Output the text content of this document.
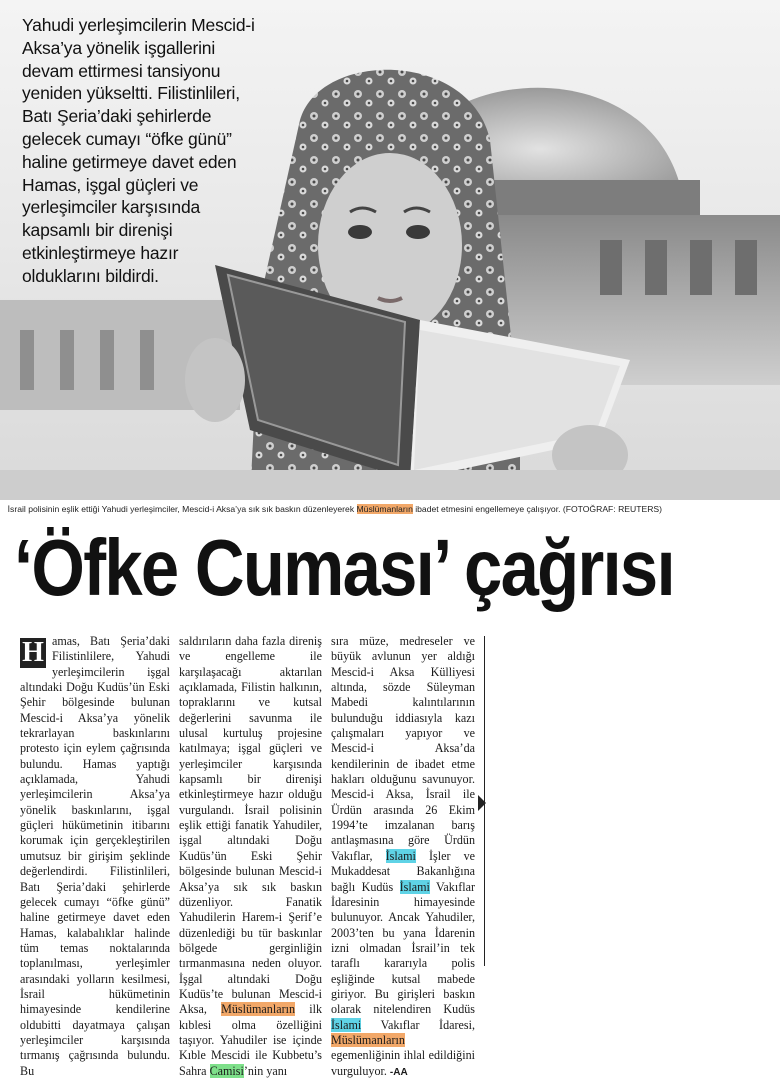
Yahudi yerleşimcilerin Mescid-i Aksa’ya yönelik işgallerini devam ettirmesi tansiyonu yeniden yükseltti. Filistinlileri, Batı Şeria’daki şehirlerde gelecek cumayı “öfke günü” haline getirmeye davet eden Hamas, işgal güçleri ve yerleşimciler karşısında kapsamlı bir direnişi etkinleştirmeye hazır olduklarını bildirdi.

İsrail polisinin eşlik ettiği Yahudi yerleşimciler, Mescid-i Aksa’ya sık sık baskın düzenleyerek Müslümanların ibadet etmesini engellemeye çalışıyor. (FOTOĞRAF: REUTERS)
‘Öfke Cuması’ çağrısı

H amas, Batı Şeria’daki Filistinlilere, Yahudi yerleşimcilerin işgal altındaki Doğu Kudüs’ün Eski Şehir bölgesinde bulunan Mescid-i Aksa’ya yönelik tekrarlayan baskınlarını protesto için eylem çağrısında bulundu. Hamas yaptığı açıklamada, Yahudi yerleşimcilerin Aksa’ya yönelik baskınlarını, işgal güçleri hükümetinin itibarını korumak için gerçekleştirilen umutsuz bir girişim şeklinde değerlendirdi. Filistinlileri, Batı Şeria’daki şehirlerde gelecek cumayı “öfke günü” haline getirmeye davet eden Hamas, kalabalıklar halinde tüm temas noktalarında toplanılması, yerleşimler arasındaki yolların kesilmesi, İsrail hükümetinin himayesinde kendilerine oldubitti dayatmaya çalışan yerleşimciler karşısında tırmanış çağrısında bulundu. Bu

saldırıların daha fazla direniş ve engelleme ile karşılaşacağı aktarılan açıklamada, Filistin halkının, topraklarını ve kutsal değerlerini savunma ile ulusal kurtuluş projesine katılmaya; işgal güçleri ve yerleşimciler karşısında kapsamlı bir direnişi etkinleştirmeye hazır olduğu vurgulandı. İsrail polisinin eşlik ettiği fanatik Yahudiler, işgal altındaki Doğu Kudüs’ün Eski Şehir bölgesinde bulunan Mescid-i Aksa’ya sık sık baskın düzenliyor. Fanatik Yahudilerin Harem-i Şerif’e düzenlediği bu tür baskınlar bölgede gerginliğin tırmanmasına neden oluyor. İşgal altındaki Doğu Kudüs’te bulunan Mescid-i Aksa, Müslümanların ilk kıblesi olma özelliğini taşıyor. Yahudiler ise içinde Kıble Mescidi ile Kubbetu’s Sahra Camisi’nin yanı

sıra müze, medreseler ve büyük avlunun yer aldığı Mescid-i Aksa Külliyesi altında, sözde Süleyman Mabedi kalıntılarının bulunduğu iddiasıyla kazı çalışmaları yapıyor ve Mescid-i Aksa’da kendilerinin de ibadet etme hakları olduğunu savunuyor. Mescid-i Aksa, İsrail ile Ürdün arasında 26 Ekim 1994’te imzalanan barış antlaşmasına göre Ürdün Vakıflar, İslami İşler ve Mukaddesat Bakanlığına bağlı Kudüs İslami Vakıflar İdaresinin himayesinde bulunuyor. Ancak Yahudiler, 2003’ten bu yana İdarenin izni olmadan İsrail’in tek taraflı kararıyla polis eşliğinde kutsal mabede giriyor. Bu girişleri baskın olarak nitelendiren Kudüs İslami Vakıflar İdaresi, Müslümanların egemenliğinin ihlal edildiğini vurguluyor. -AA
